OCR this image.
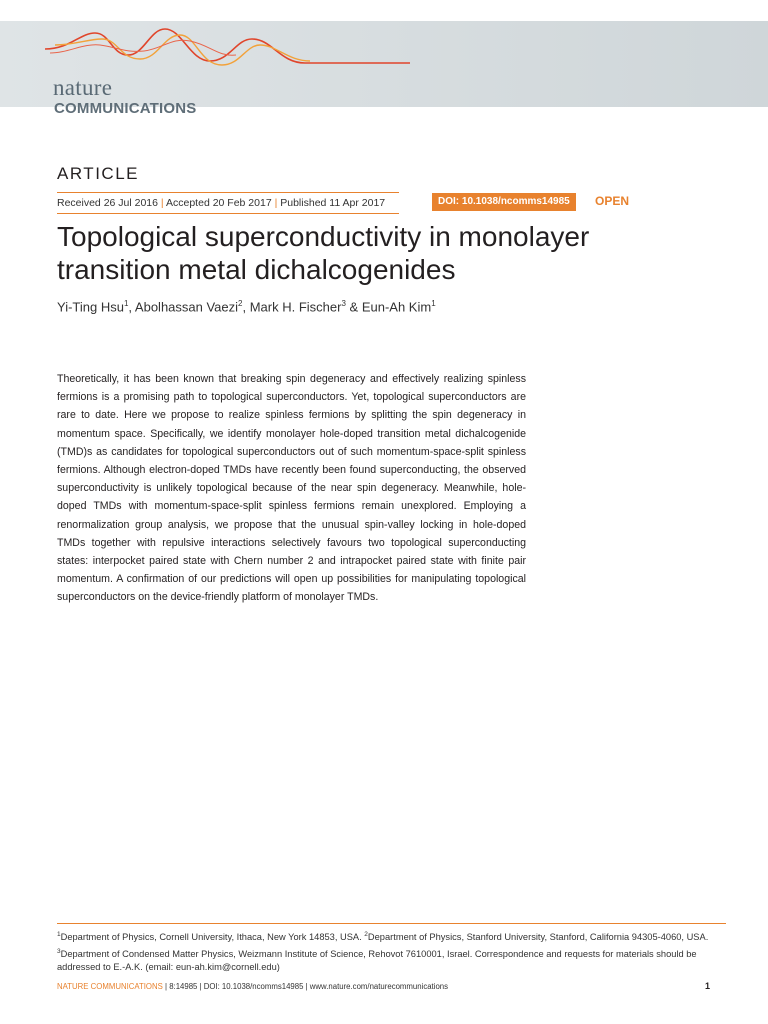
nature
COMMUNICATIONS
ARTICLE
Received 26 Jul 2016 | Accepted 20 Feb 2017 | Published 11 Apr 2017	DOI: 10.1038/ncomms14985	OPEN
Topological superconductivity in monolayer transition metal dichalcogenides
Yi-Ting Hsu$^1$, Abolhassan Vaezi$^2$, Mark H. Fischer$^3$ & Eun-Ah Kim$^1$
Theoretically, it has been known that breaking spin degeneracy and effectively realizing spinless fermions is a promising path to topological superconductors. Yet, topological superconductors are rare to date. Here we propose to realize spinless fermions by splitting the spin degeneracy in momentum space. Specifically, we identify monolayer hole-doped transition metal dichalcogenide (TMD)s as candidates for topological superconductors out of such momentum-space-split spinless fermions. Although electron-doped TMDs have recently been found superconducting, the observed superconductivity is unlikely topological because of the near spin degeneracy. Meanwhile, hole-doped TMDs with momentum-space-split spinless fermions remain unexplored. Employing a renormalization group analysis, we propose that the unusual spin-valley locking in hole-doped TMDs together with repulsive interactions selectively favours two topological superconducting states: interpocket paired state with Chern number 2 and intrapocket paired state with finite pair momentum. A confirmation of our predictions will open up possibilities for manipulating topological superconductors on the device-friendly platform of monolayer TMDs.
$^1$Department of Physics, Cornell University, Ithaca, New York 14853, USA. $^2$Department of Physics, Stanford University, Stanford, California 94305-4060, USA. $^3$Department of Condensed Matter Physics, Weizmann Institute of Science, Rehovot 7610001, Israel. Correspondence and requests for materials should be addressed to E.-A.K. (email: eun-ah.kim@cornell.edu)
NATURE COMMUNICATIONS | 8:14985 | DOI: 10.1038/ncomms14985 | www.nature.com/naturecommunications	1
